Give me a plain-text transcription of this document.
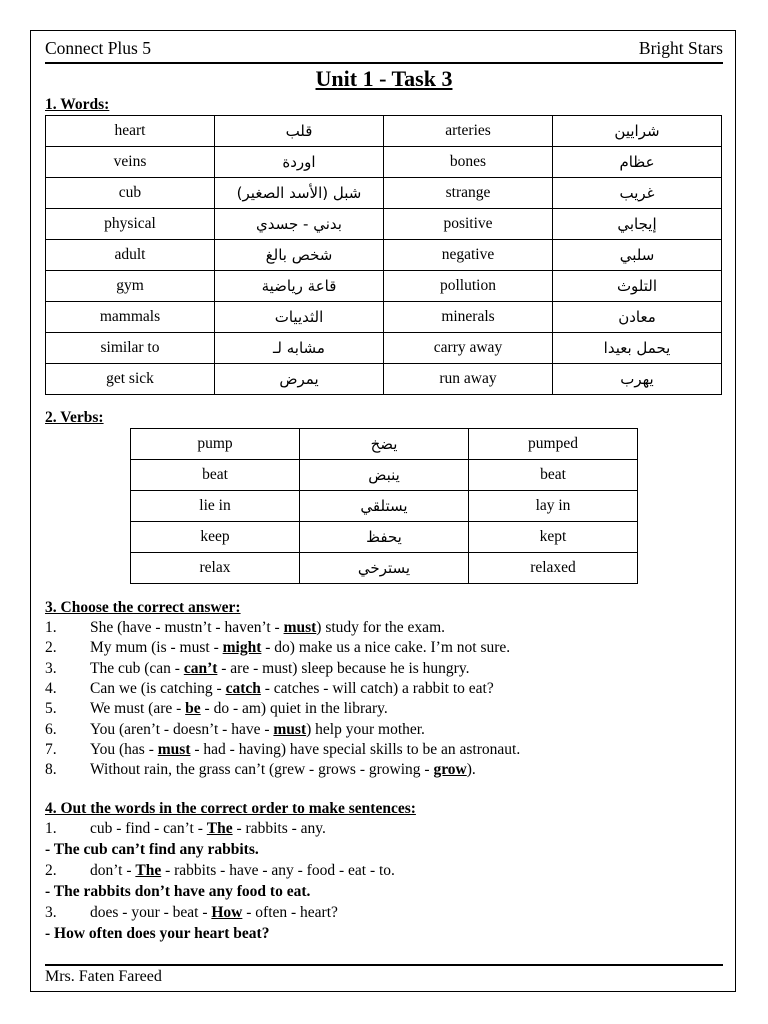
Connect Plus 5	Bright Stars
Unit 1 - Task 3
1. Words:
heart	قلب	arteries	شرايين
veins	اوردة	bones	عظام
cub	شبل (الأسد الصغير)	strange	غريب
physical	بدني - جسدي	positive	إيجابي
adult	شخص بالغ	negative	سلبي
gym	قاعة رياضية	pollution	التلوث
mammals	الثدييات	minerals	معادن
similar to	مشابه لـ	carry away	يحمل بعيدا
get sick	يمرض	run away	يهرب
2. Verbs:
pump	يضخ	pumped
beat	ينبض	beat
lie in	يستلقي	lay in
keep	يحفظ	kept
relax	يسترخي	relaxed
3. Choose the correct answer:
1. She (have - mustn’t - haven’t - must) study for the exam.
2. My mum (is - must - might - do) make us a nice cake. I’m not sure.
3. The cub (can - can’t - are - must) sleep because he is hungry.
4. Can we (is catching - catch - catches - will catch) a rabbit to eat?
5. We must (are - be - do - am) quiet in the library.
6. You (aren’t - doesn’t - have - must) help your mother.
7. You (has - must - had - having) have special skills to be an astronaut.
8. Without rain, the grass can’t (grew - grows - growing - grow).
4. Out the words in the correct order to make sentences:
1. cub - find - can’t - The - rabbits - any.
- The cub can’t find any rabbits.
2. don’t - The - rabbits - have - any - food - eat - to.
- The rabbits don’t have any food to eat.
3. does - your - beat - How - often - heart?
- How often does your heart beat?
Mrs. Faten Fareed
